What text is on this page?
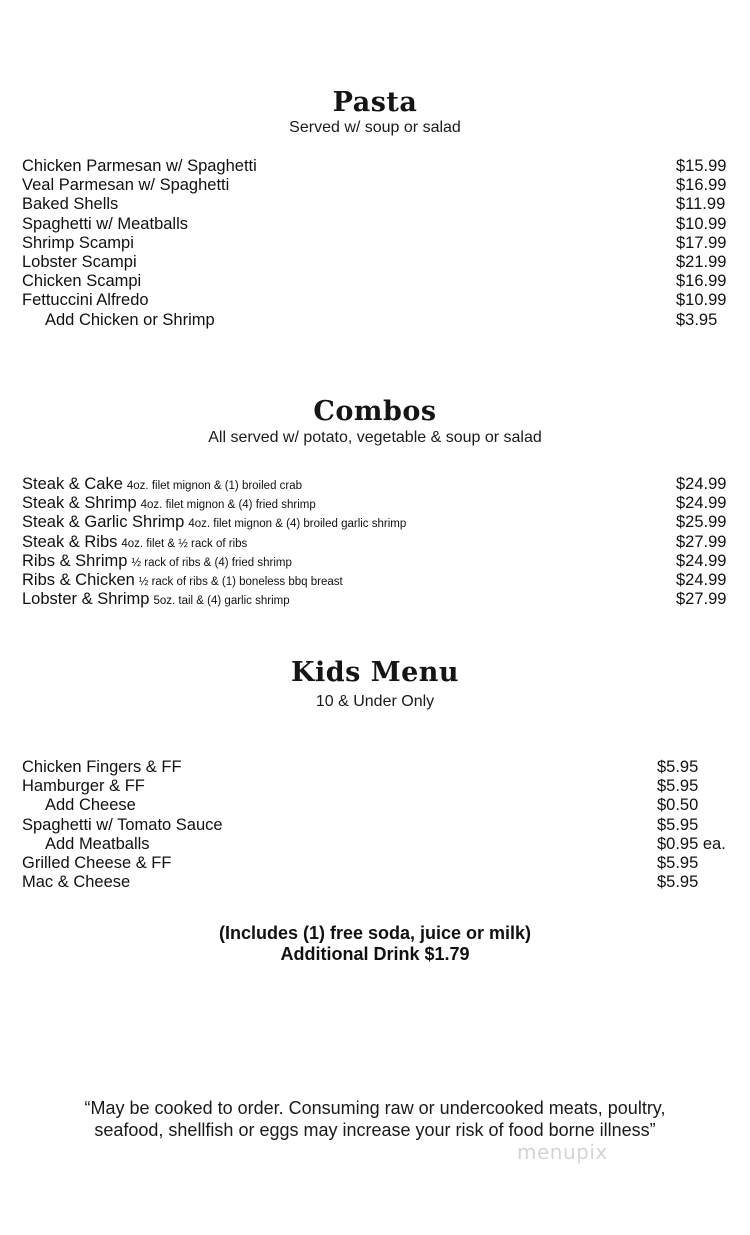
Pasta
Served w/ soup or salad
Chicken Parmesan w/ Spaghetti	$15.99
Veal Parmesan w/ Spaghetti	$16.99
Baked Shells	$11.99
Spaghetti w/ Meatballs	$10.99
Shrimp Scampi	$17.99
Lobster Scampi	$21.99
Chicken Scampi	$16.99
Fettuccini Alfredo	$10.99
Add Chicken or Shrimp	$3.95
Combos
All served w/ potato, vegetable & soup or salad
Steak & Cake 4oz. filet mignon & (1) broiled crab	$24.99
Steak & Shrimp 4oz. filet mignon & (4) fried shrimp	$24.99
Steak & Garlic Shrimp 4oz. filet mignon & (4) broiled garlic shrimp	$25.99
Steak & Ribs 4oz. filet & ½ rack of ribs	$27.99
Ribs & Shrimp ½ rack of ribs & (4) fried shrimp	$24.99
Ribs & Chicken ½ rack of ribs & (1) boneless bbq breast	$24.99
Lobster & Shrimp 5oz. tail & (4) garlic shrimp	$27.99
Kids Menu
10 & Under Only
Chicken Fingers & FF	$5.95
Hamburger & FF	$5.95
Add Cheese	$0.50
Spaghetti w/ Tomato Sauce	$5.95
Add Meatballs	$0.95 ea.
Grilled Cheese & FF	$5.95
Mac & Cheese	$5.95
(Includes (1) free soda, juice or milk)
Additional Drink $1.79
“May be cooked to order. Consuming raw or undercooked meats, poultry,
seafood, shellfish or eggs may increase your risk of food borne illness”
menupix
